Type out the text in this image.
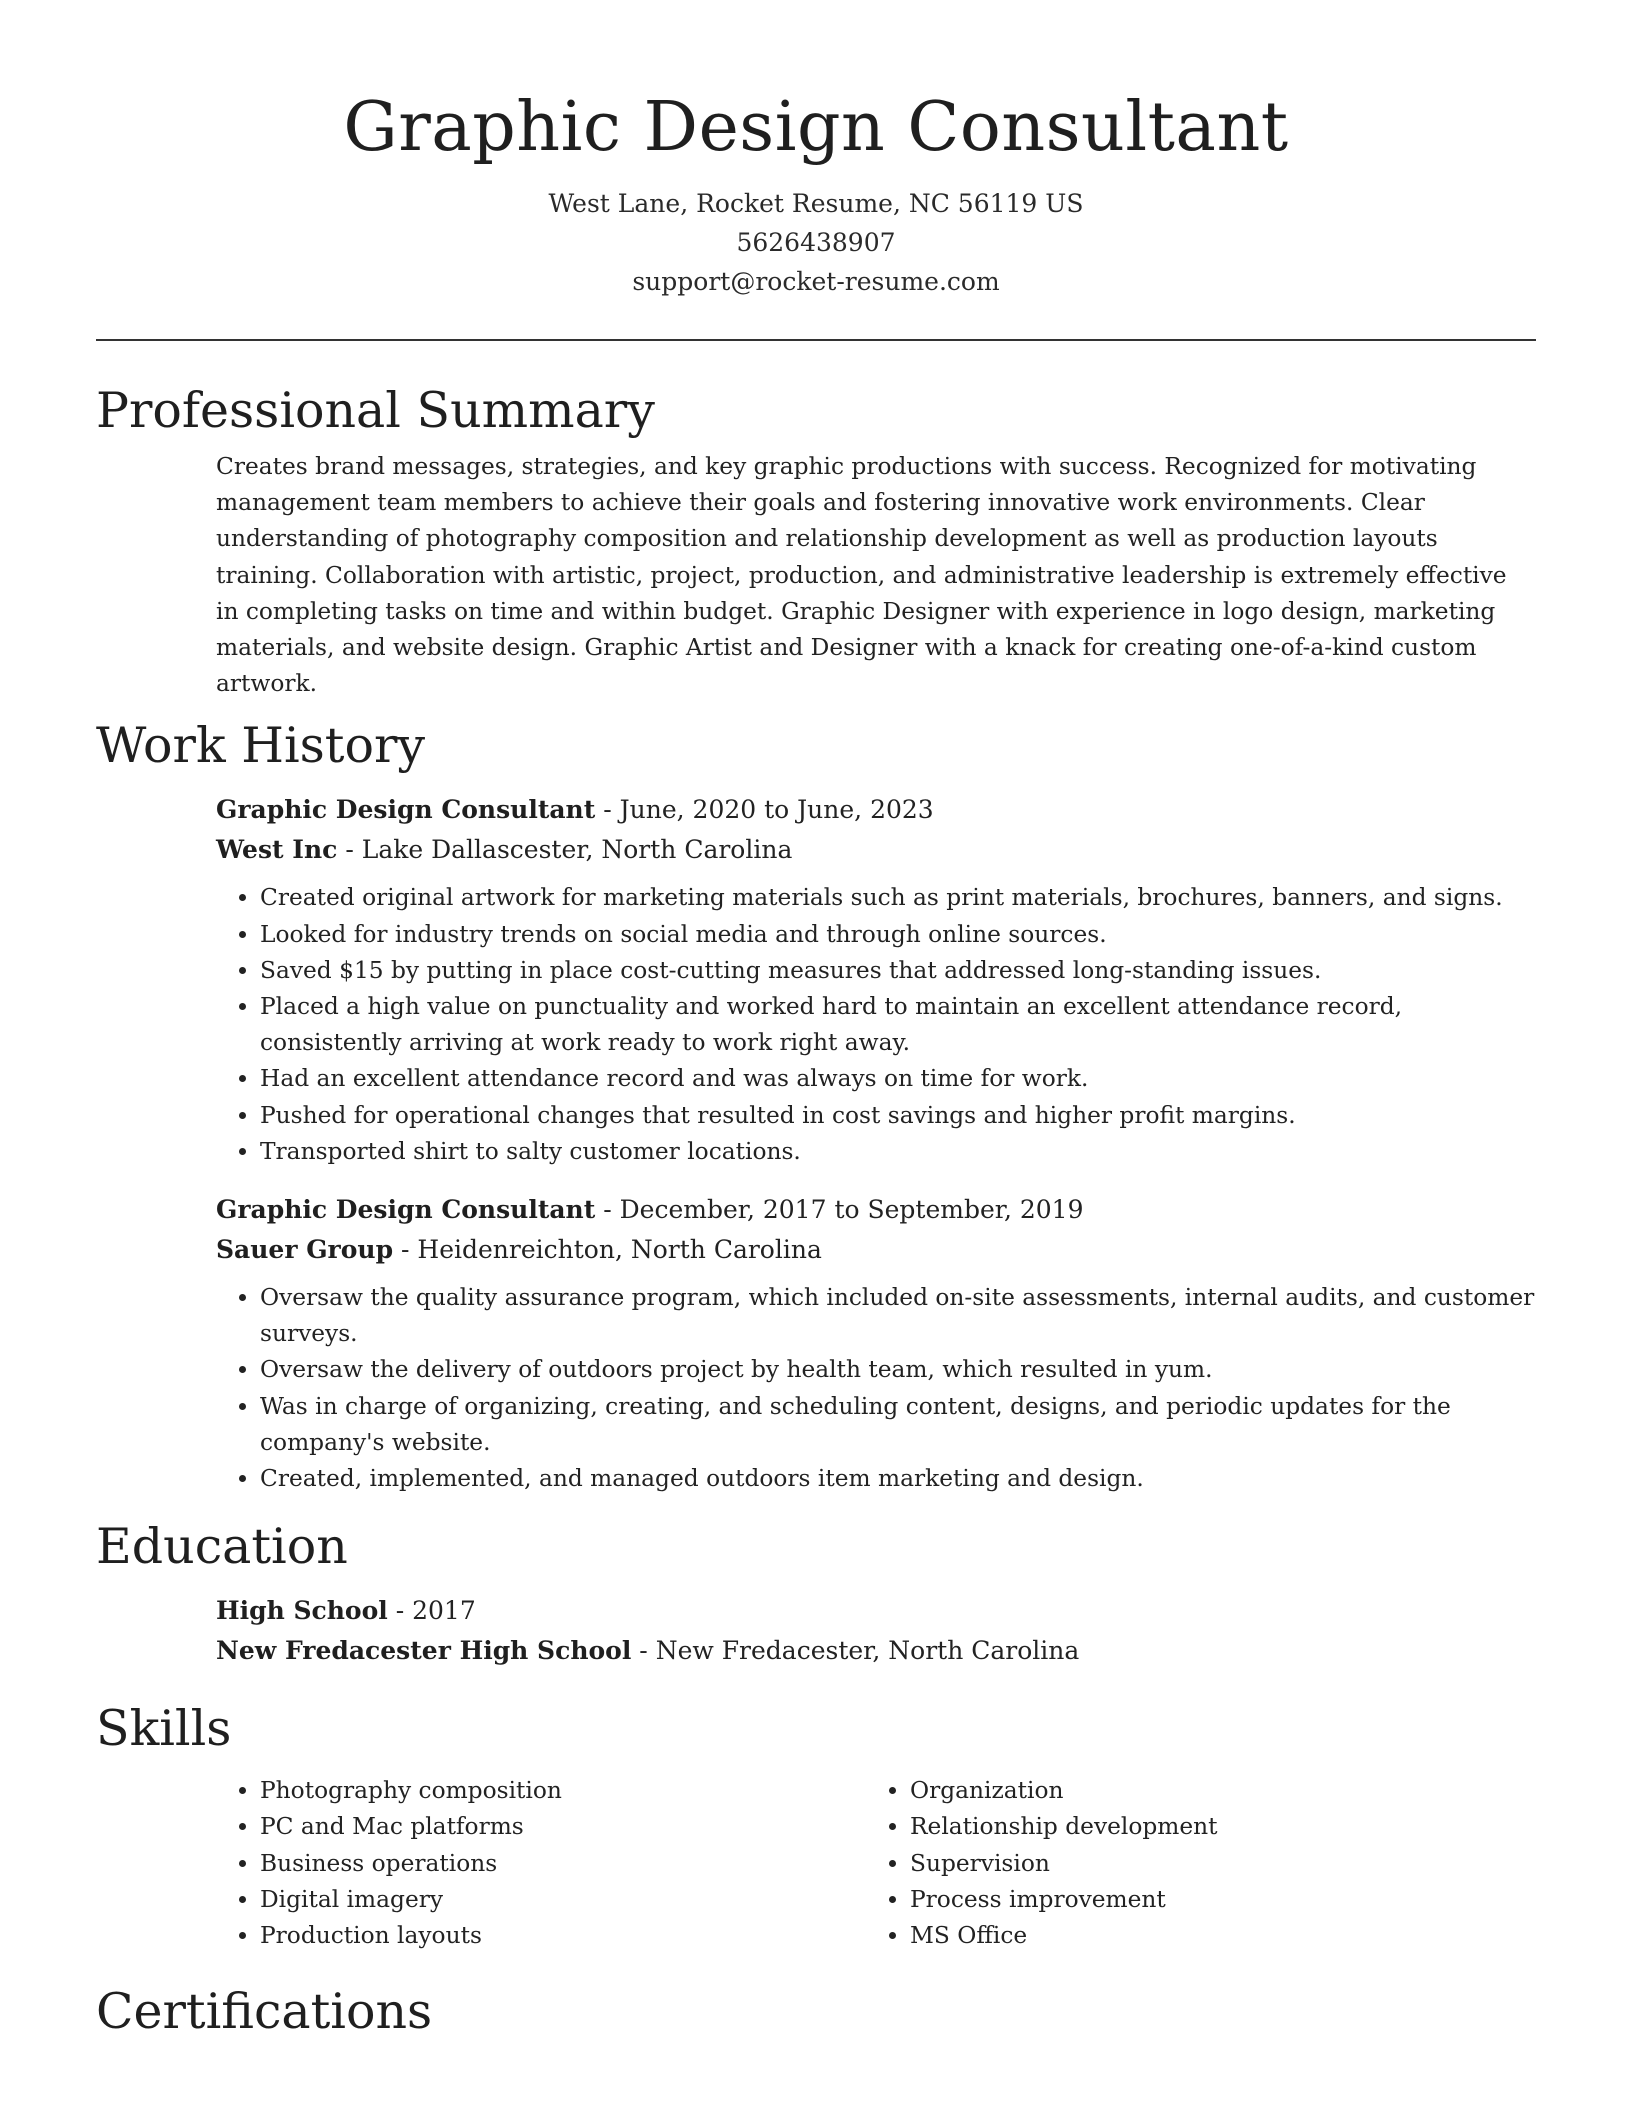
Graphic Design Consultant
West Lane, Rocket Resume, NC 56119 US
5626438907
support@rocket-resume.com
Professional Summary
Creates brand messages, strategies, and key graphic productions with success. Recognized for motivating management team members to achieve their goals and fostering innovative work environments. Clear understanding of photography composition and relationship development as well as production layouts training. Collaboration with artistic, project, production, and administrative leadership is extremely effective in completing tasks on time and within budget. Graphic Designer with experience in logo design, marketing materials, and website design. Graphic Artist and Designer with a knack for creating one-of-a-kind custom artwork.
Work History
Graphic Design Consultant - June, 2020 to June, 2023
West Inc - Lake Dallascester, North Carolina
• Created original artwork for marketing materials such as print materials, brochures, banners, and signs.
• Looked for industry trends on social media and through online sources.
• Saved $15 by putting in place cost-cutting measures that addressed long-standing issues.
• Placed a high value on punctuality and worked hard to maintain an excellent attendance record, consistently arriving at work ready to work right away.
• Had an excellent attendance record and was always on time for work.
• Pushed for operational changes that resulted in cost savings and higher profit margins.
• Transported shirt to salty customer locations.
Graphic Design Consultant - December, 2017 to September, 2019
Sauer Group - Heidenreichton, North Carolina
• Oversaw the quality assurance program, which included on-site assessments, internal audits, and customer surveys.
• Oversaw the delivery of outdoors project by health team, which resulted in yum.
• Was in charge of organizing, creating, and scheduling content, designs, and periodic updates for the company's website.
• Created, implemented, and managed outdoors item marketing and design.
Education
High School - 2017
New Fredacester High School - New Fredacester, North Carolina
Skills
• Photography composition
• PC and Mac platforms
• Business operations
• Digital imagery
• Production layouts
• Organization
• Relationship development
• Supervision
• Process improvement
• MS Office
Certifications
